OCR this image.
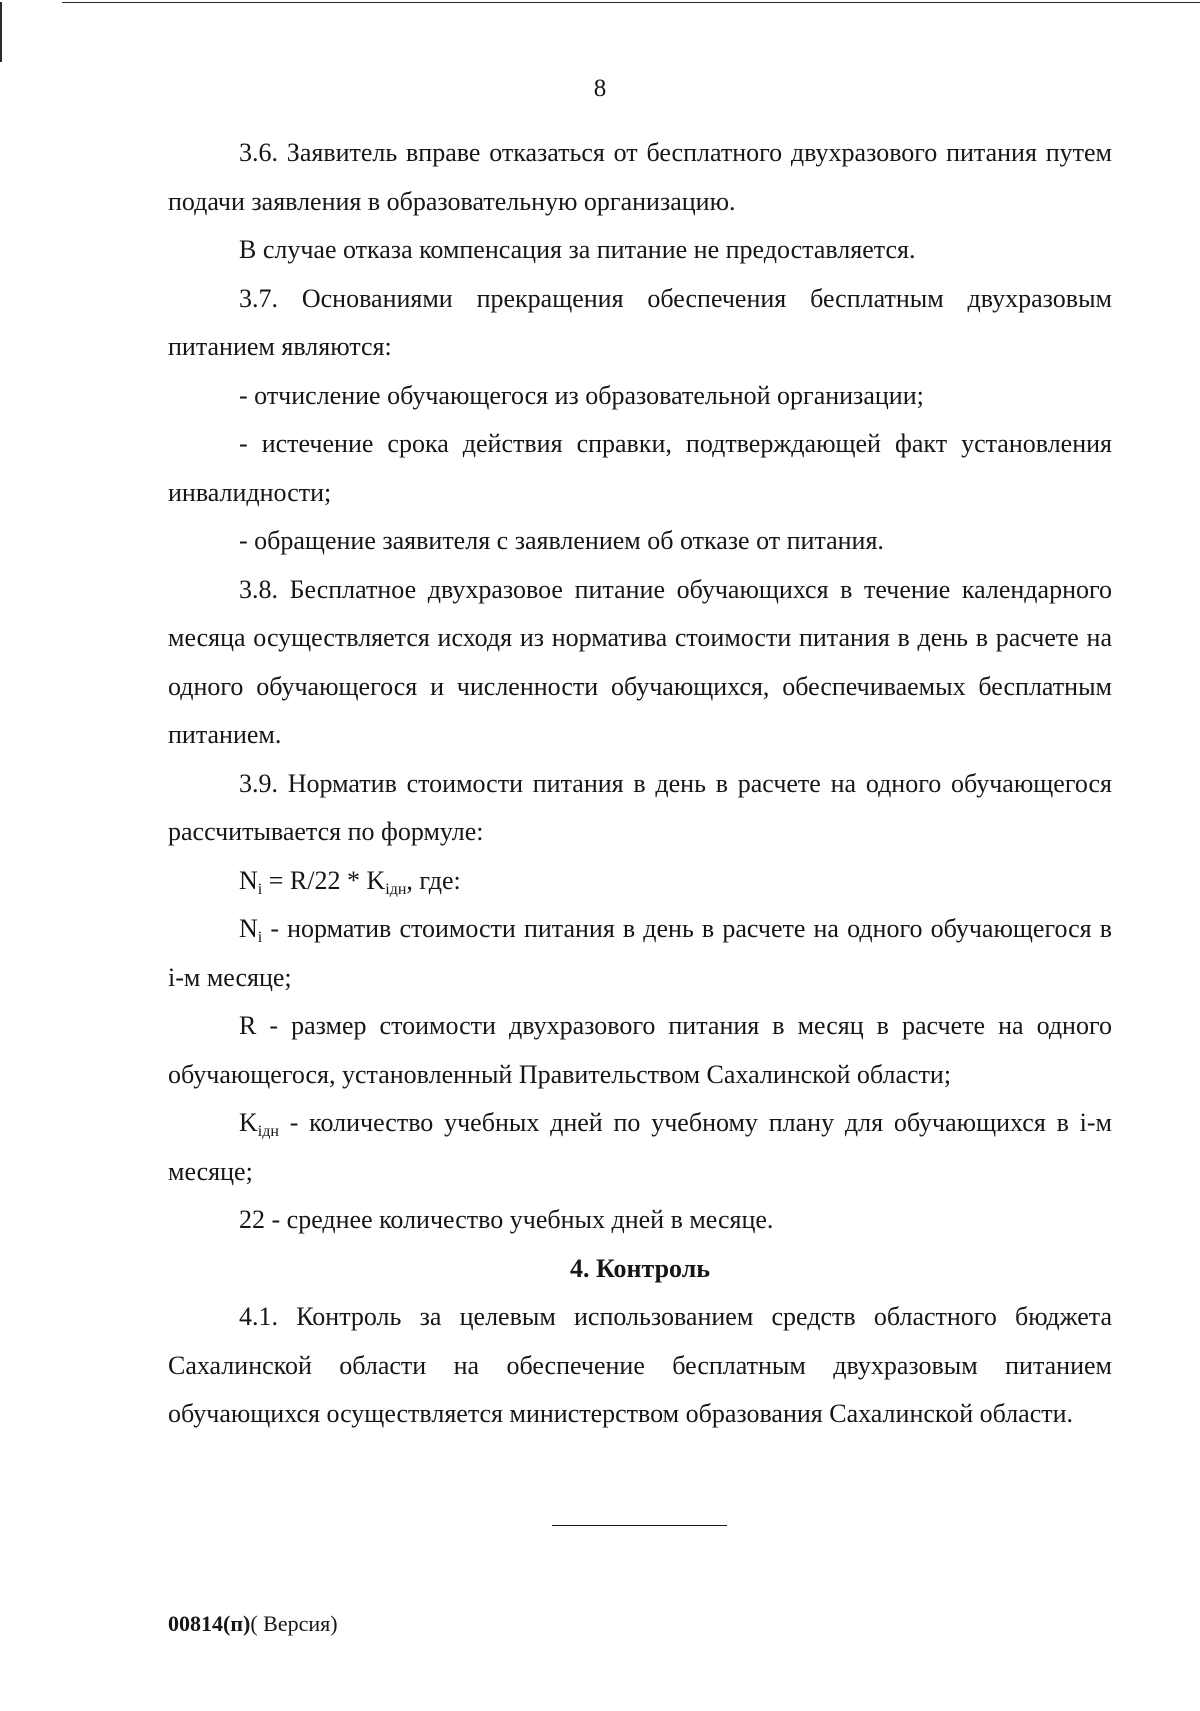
8

3.6. Заявитель вправе отказаться от бесплатного двухразового питания путем подачи заявления в образовательную организацию.

В случае отказа компенсация за питание не предоставляется.

3.7. Основаниями прекращения обеспечения бесплатным двухразовым питанием являются:

- отчисление обучающегося из образовательной организации;

- истечение срока действия справки, подтверждающей факт установления инвалидности;

- обращение заявителя с заявлением об отказе от питания.

3.8. Бесплатное двухразовое питание обучающихся в течение календарного месяца осуществляется исходя из норматива стоимости питания в день в расчете на одного обучающегося и численности обучающихся, обеспечиваемых бесплатным питанием.

3.9. Норматив стоимости питания в день в расчете на одного обучающегося рассчитывается по формуле:

$N_i = R/22 * K_{iдн}$, где:

$N_i$ - норматив стоимости питания в день в расчете на одного обучающегося в i-м месяце;

R - размер стоимости двухразового питания в месяц в расчете на одного обучающегося, установленный Правительством Сахалинской области;

$K_{iдн}$ - количество учебных дней по учебному плану для обучающихся в i-м месяце;

22 - среднее количество учебных дней в месяце.

4. Контроль

4.1. Контроль за целевым использованием средств областного бюджета Сахалинской области на обеспечение бесплатным двухразовым питанием обучающихся осуществляется министерством образования Сахалинской области.

00814(п)( Версия)
